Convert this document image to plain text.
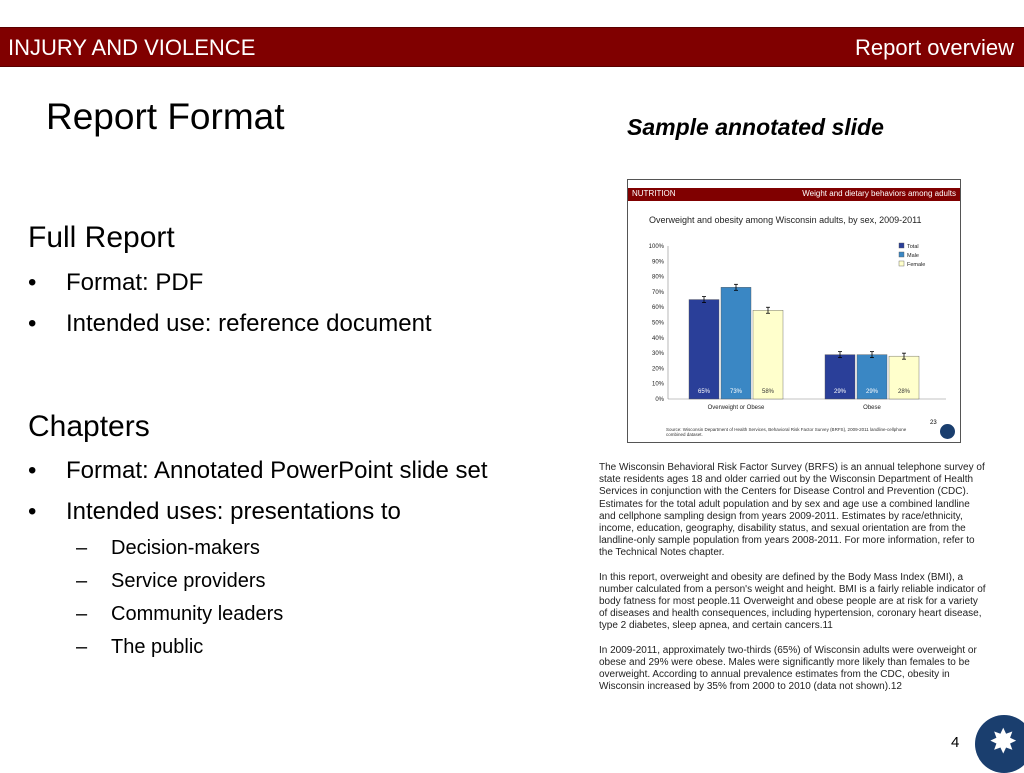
INJURY AND VIOLENCE	Report overview
Report Format	Sample annotated slide
Full Report
• Format: PDF
• Intended use: reference document
Chapters
• Format: Annotated PowerPoint slide set
• Intended uses: presentations to
– Decision-makers
– Service providers
– Community leaders
– The public
NUTRITION	Weight and dietary behaviors among adults
Overweight and obesity among Wisconsin adults, by sex, 2009-2011
0%
10%
20%
30%
40%
50%
60%
70%
80%
90%
100%
65%	73%	58%
Overweight or Obese
29%	29%	28%
Obese
Total
Male
Female
23
Source: Wisconsin Department of Health Services, Behavioral Risk Factor Survey (BRFS), 2009-2011 landline-cellphone combined dataset.

The Wisconsin Behavioral Risk Factor Survey (BRFS) is an annual telephone survey of state residents ages 18 and older carried out by the Wisconsin Department of Health Services in conjunction with the Centers for Disease Control and Prevention (CDC). Estimates for the total adult population and by sex and age use a combined landline and cellphone sampling design from years 2009-2011. Estimates by race/ethnicity, income, education, geography, disability status, and sexual orientation are from the landline-only sample population from years 2008-2011. For more information, refer to the Technical Notes chapter.

In this report, overweight and obesity are defined by the Body Mass Index (BMI), a number calculated from a person's weight and height. BMI is a fairly reliable indicator of body fatness for most people.11 Overweight and obese people are at risk for a variety of diseases and health consequences, including hypertension, coronary heart disease, type 2 diabetes, sleep apnea, and certain cancers.11

In 2009-2011, approximately two-thirds (65%) of Wisconsin adults were overweight or obese and 29% were obese. Males were significantly more likely than females to be overweight. According to annual prevalence estimates from the CDC, obesity in Wisconsin increased by 35% from 2000 to 2010 (data not shown).12

4 ✸
